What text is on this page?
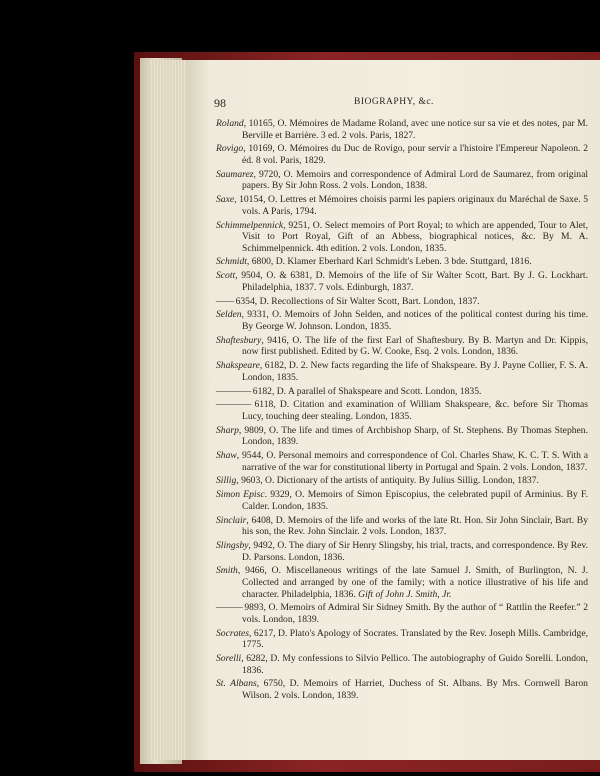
98	BIOGRAPHY, &c.
Roland, 10165, O. Mémoires de Madame Roland, avec une notice sur sa vie et des notes, par M. Berville et Barrière. 3 ed. 2 vols. Paris, 1827.
Rovigo, 10169, O. Mémoires du Duc de Rovigo, pour servir a l'histoire l'Empereur Napoleon. 2 éd. 8 vol. Paris, 1829.
Saumarez, 9720, O. Memoirs and correspondence of Admiral Lord de Saumarez, from original papers. By Sir John Ross. 2 vols. London, 1838.
Saxe, 10154, O. Lettres et Mémoires choisis parmi les papiers originaux du Maréchal de Saxe. 5 vols. A Paris, 1794.
Schimmelpennick, 9251, O. Select memoirs of Port Royal; to which are appended, Tour to Alet, Visit to Port Royal, Gift of an Abbess, biographical notices, &c. By M. A. Schimmelpennick. 4th edition. 2 vols. London, 1835.
Schmidt, 6800, D. Klamer Eberhard Karl Schmidt's Leben. 3 bde. Stuttgard, 1816.
Scott, 9504, O. & 6381, D. Memoirs of the life of Sir Walter Scott, Bart. By J. G. Lockhart. Philadelphia, 1837. 7 vols. Edinburgh, 1837.
—— 6354, D. Recollections of Sir Walter Scott, Bart. London, 1837.
Selden, 9331, O. Memoirs of John Selden, and notices of the political contest during his time. By George W. Johnson. London, 1835.
Shaftesbury, 9416, O. The life of the first Earl of Shaftesbury. By B. Martyn and Dr. Kippis, now first published. Edited by G. W. Cooke, Esq. 2 vols. London, 1836.
Shakspeare, 6182, D. 2. New facts regarding the life of Shakspeare. By J. Payne Collier, F. S. A. London, 1835.
———— 6182, D. A parallel of Shakspeare and Scott. London, 1835.
———— 6118, D. Citation and examination of William Shakspeare, &c. before Sir Thomas Lucy, touching deer stealing. London, 1835.
Sharp, 9809, O. The life and times of Archbishop Sharp, of St. Stephens. By Thomas Stephen. London, 1839.
Shaw, 9544, O. Personal memoirs and correspondence of Col. Charles Shaw, K. C. T. S. With a narrative of the war for constitutional liberty in Portugal and Spain. 2 vols. London, 1837.
Sillig, 9603, O. Dictionary of the artists of antiquity. By Julius Sillig. London, 1837.
Simon Episc. 9329, O. Memoirs of Simon Episcopius, the celebrated pupil of Arminius. By F. Calder. London, 1835.
Sinclair, 6408, D. Memoirs of the life and works of the late Rt. Hon. Sir John Sinclair, Bart. By his son, the Rev. John Sinclair. 2 vols. London, 1837.
Slingsby, 9492, O. The diary of Sir Henry Slingsby, his trial, tracts, and correspondence. By Rev. D. Parsons. London, 1836.
Smith, 9466, O. Miscellaneous writings of the late Samuel J. Smith, of Burlington, N. J. Collected and arranged by one of the family; with a notice illustrative of his life and character. Philadelphia, 1836. Gift of John J. Smith, Jr.
——— 9893, O. Memoirs of Admiral Sir Sidney Smith. By the author of “ Rattlin the Reefer.” 2 vols. London, 1839.
Socrates, 6217, D. Plato's Apology of Socrates. Translated by the Rev. Joseph Mills. Cambridge, 1775.
Sorelli, 6282, D. My confessions to Silvio Pellico. The autobiography of Guido Sorelli. London, 1836.
St. Albans, 6750, D. Memoirs of Harriet, Duchess of St. Albans. By Mrs. Cornwell Baron Wilson. 2 vols. London, 1839.
